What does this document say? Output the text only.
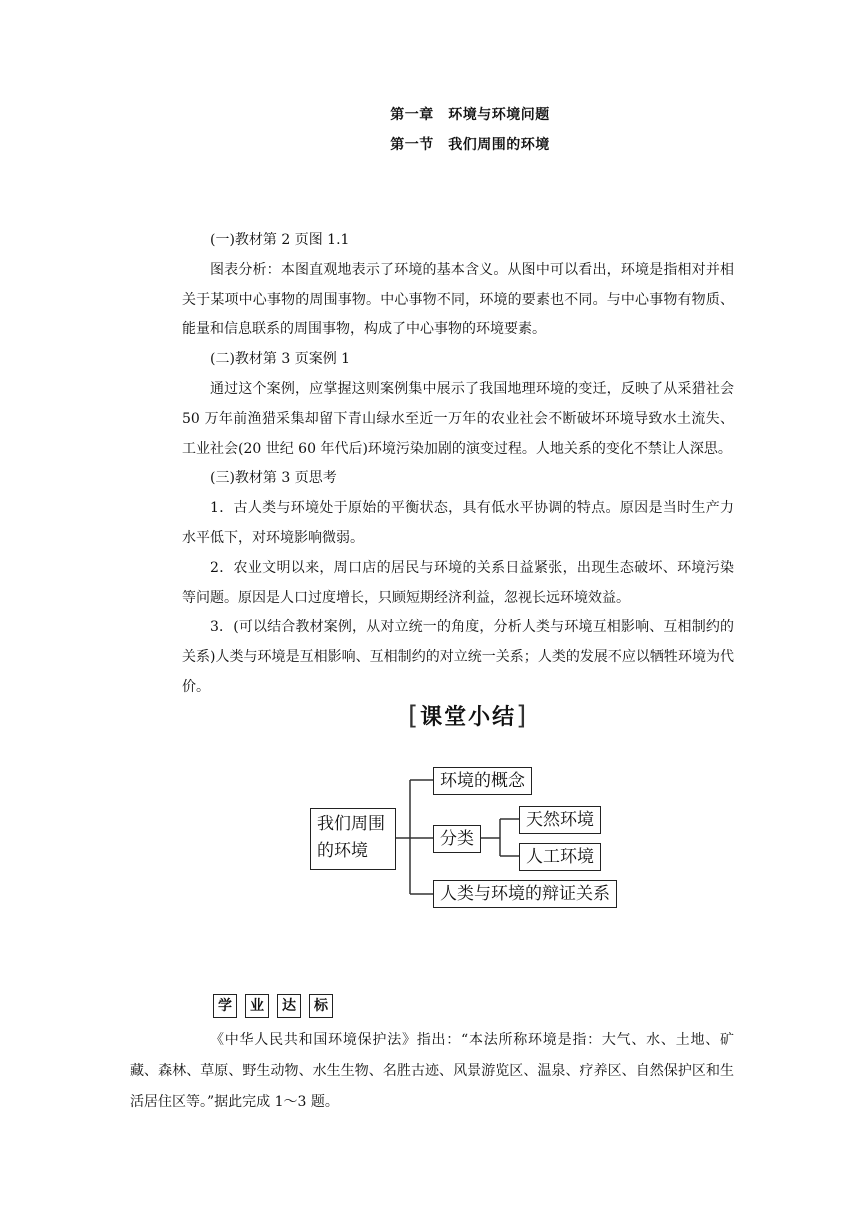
第一章　环境与环境问题
第一节　我们周围的环境

(一)教材第 2 页图 1.1

图表分析：本图直观地表示了环境的基本含义。从图中可以看出，环境是指相对并相关于某项中心事物的周围事物。中心事物不同，环境的要素也不同。与中心事物有物质、能量和信息联系的周围事物，构成了中心事物的环境要素。

(二)教材第 3 页案例 1

通过这个案例，应掌握这则案例集中展示了我国地理环境的变迁，反映了从采猎社会 50 万年前渔猎采集却留下青山绿水至近一万年的农业社会不断破坏环境导致水土流失、工业社会(20 世纪 60 年代后)环境污染加剧的演变过程。人地关系的变化不禁让人深思。

(三)教材第 3 页思考

1．古人类与环境处于原始的平衡状态，具有低水平协调的特点。原因是当时生产力水平低下，对环境影响微弱。

2．农业文明以来，周口店的居民与环境的关系日益紧张，出现生态破坏、环境污染等问题。原因是人口过度增长，只顾短期经济利益，忽视长远环境效益。

3．(可以结合教材案例，从对立统一的角度，分析人类与环境互相影响、互相制约的关系)人类与环境是互相影响、互相制约的对立统一关系；人类的发展不应以牺牲环境为代价。

[课堂小结]
我们周围的环境
环境的概念
分类
天然环境
人工环境
人类与环境的辩证关系
学	业	达	标

《中华人民共和国环境保护法》指出：“本法所称环境是指：大气、水、土地、矿藏、森林、草原、野生动物、水生生物、名胜古迹、风景游览区、温泉、疗养区、自然保护区和生活居住区等。”据此完成 1～3 题。
